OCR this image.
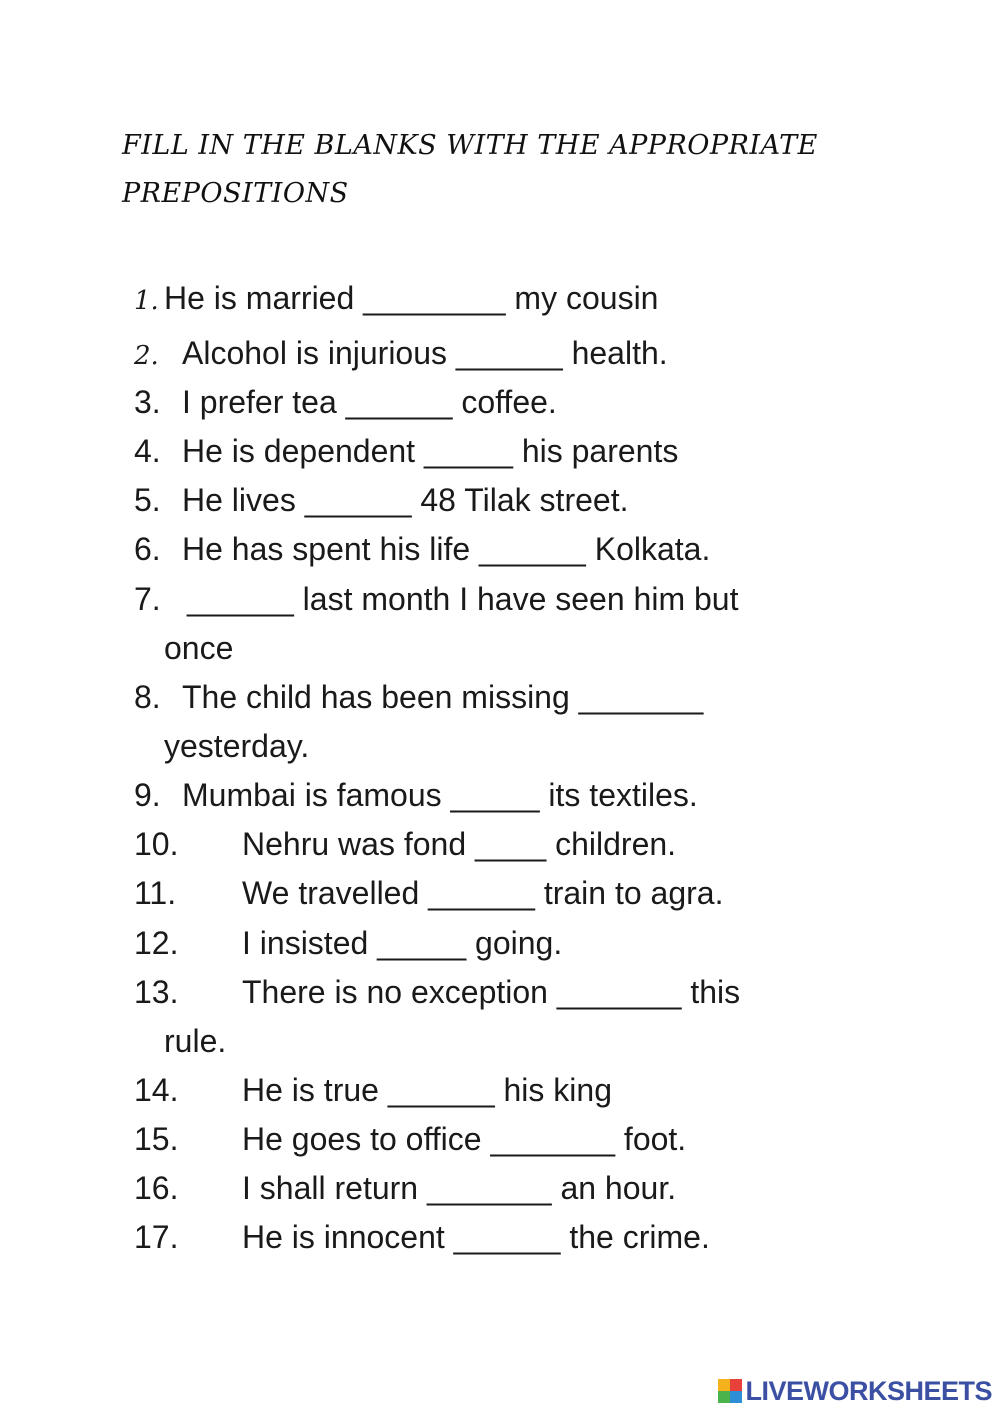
FILL IN THE BLANKS WITH THE APPROPRIATE PREPOSITIONS
1. He is married ________ my cousin
2. Alcohol is injurious ______ health.
3. I prefer tea ______ coffee.
4. He is dependent _____ his parents
5. He lives ______ 48 Tilak street.
6. He has spent his life ______ Kolkata.
7. ______ last month I have seen him but
once
8. The child has been missing _______
yesterday.
9. Mumbai is famous _____ its textiles.
10. Nehru was fond ____ children.
11. We travelled ______ train to agra.
12. I insisted _____ going.
13. There is no exception _______ this
rule.
14. He is true ______ his king
15. He goes to office _______ foot.
16. I shall return _______ an hour.
17. He is innocent ______ the crime.
LIVEWORKSHEETS
